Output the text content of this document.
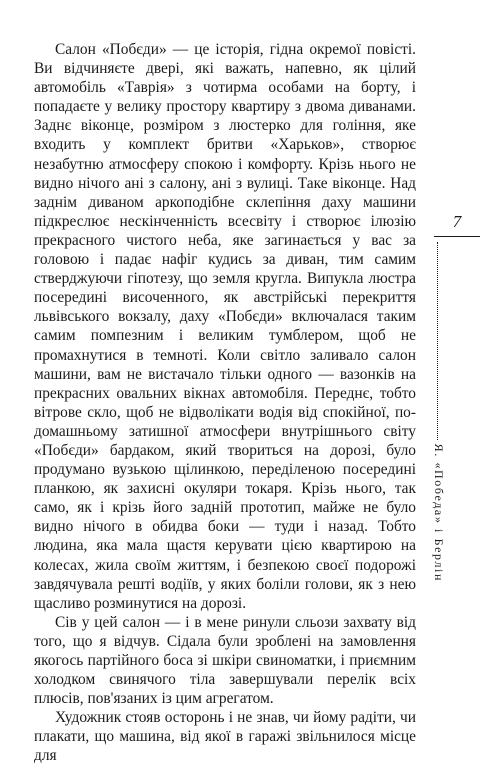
Салон «Побєди» — це історія, гідна окремої повісті. Ви відчиняєте двері, які важать, напевно, як цілий автомобіль «Таврія» з чотирма особами на борту, і попадаєте у велику простору квартиру з двома диванами. Заднє віконце, розміром з люстерко для гоління, яке входить у комплект бритви «Харьков», створює незабутню атмосферу спокою і комфорту. Крізь нього не видно нічого ані з салону, ані з вулиці. Таке віконце. Над заднім диваном аркоподібне склепіння даху машини підкреслює нескінченність всесвіту і створює ілюзію прекрасного чистого неба, яке загинається у вас за головою і падає нафіг кудись за диван, тим самим стверджуючи гіпотезу, що земля кругла. Випукла люстра посередині височенного, як австрійські перекриття львівського вокзалу, даху «Побєди» включалася таким самим помпезним і великим тумблером, щоб не промахнутися в темноті. Коли світло заливало салон машини, вам не вистачало тільки одного — вазонків на прекрасних овальних вікнах автомобіля. Переднє, тобто вітрове скло, щоб не відволікати водія від спокійної, по-домашньому затишної атмосфери внутрішнього світу «Побєди» бардаком, який твориться на дорозі, було продумано вузькою щілинкою, переділеною посередині планкою, як захисні окуляри токаря. Крізь нього, так само, як і крізь його задній прототип, майже не було видно нічого в обидва боки — туди і назад. Тобто людина, яка мала щастя керувати цією квартирою на колесах, жила своїм життям, і безпекою своєї подорожі завдячувала решті водіїв, у яких боліли голови, як з нею щасливо розминутися на дорозі.

Сів у цей салон — і в мене ринули сльози захвату від того, що я відчув. Сідала були зроблені на замовлення якогось партійного боса зі шкіри свиноматки, і приємним холодком свинячого тіла завершували перелік всіх плюсів, пов'язаних із цим агрегатом.

Художник стояв осторонь і не знав, чи йому радіти, чи плакати, що машина, від якої в гаражі звільнилося місце для

7
Я. «Победа» і Берлін
